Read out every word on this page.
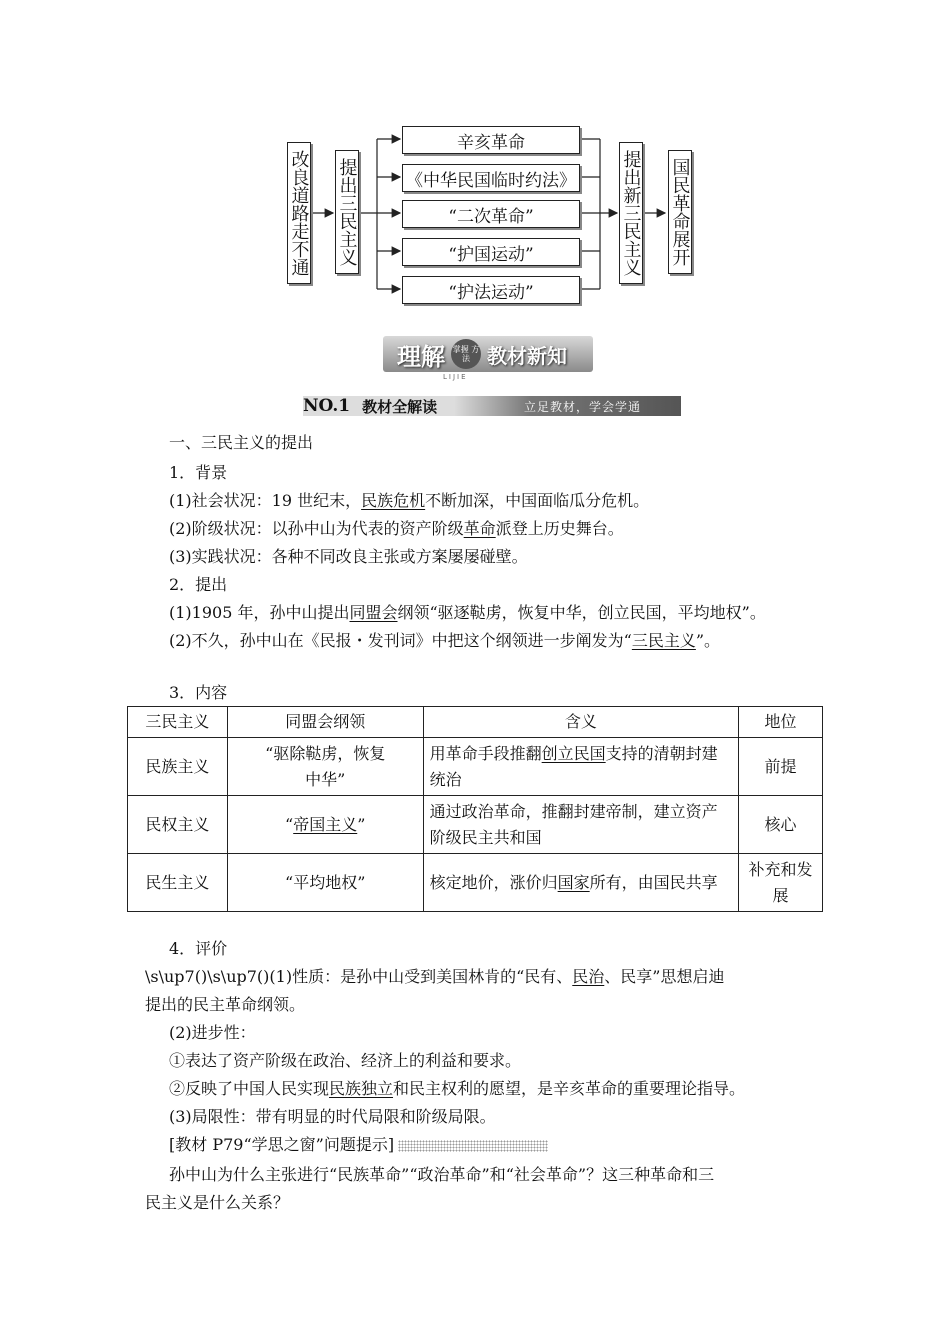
改良道路走不通 提出三民主义
辛亥革命
《中华民国临时约法》
“二次革命”
“护国运动”
“护法运动”
提出新三民主义 国民革命展开
理解 掌握 方法 教材新知
LIJIE
NO.1 教材全解读	立足教材，学会学通
一、三民主义的提出
1．背景
(1)社会状况：19 世纪末，民族危机不断加深，中国面临瓜分危机。
(2)阶级状况：以孙中山为代表的资产阶级革命派登上历史舞台。
(3)实践状况：各种不同改良主张或方案屡屡碰壁。
2．提出
(1)1905 年，孙中山提出同盟会纲领“驱逐鞑虏，恢复中华，创立民国，平均地权”。
(2)不久，孙中山在《民报・发刊词》中把这个纲领进一步阐发为“三民主义”。
3．内容
三民主义	同盟会纲领	含义	地位
民族主义	“驱除鞑虏，恢复中华”	用革命手段推翻创立民国支持的清朝封建统治	前提
民权主义	“帝国主义”	通过政治革命，推翻封建帝制，建立资产阶级民主共和国	核心
民生主义	“平均地权”	核定地价，涨价归国家所有，由国民共享	补充和发展
4．评价
\s\up7()\s\up7()(1)性质：是孙中山受到美国林肯的“民有、民治、民享”思想启迪
提出的民主革命纲领。
(2)进步性：
①表达了资产阶级在政治、经济上的利益和要求。
②反映了中国人民实现民族独立和民主权利的愿望，是辛亥革命的重要理论指导。
(3)局限性：带有明显的时代局限和阶级局限。
[教材 P79“学思之窗”问题提示]
孙中山为什么主张进行“民族革命”“政治革命”和“社会革命”？这三种革命和三
民主义是什么关系？
